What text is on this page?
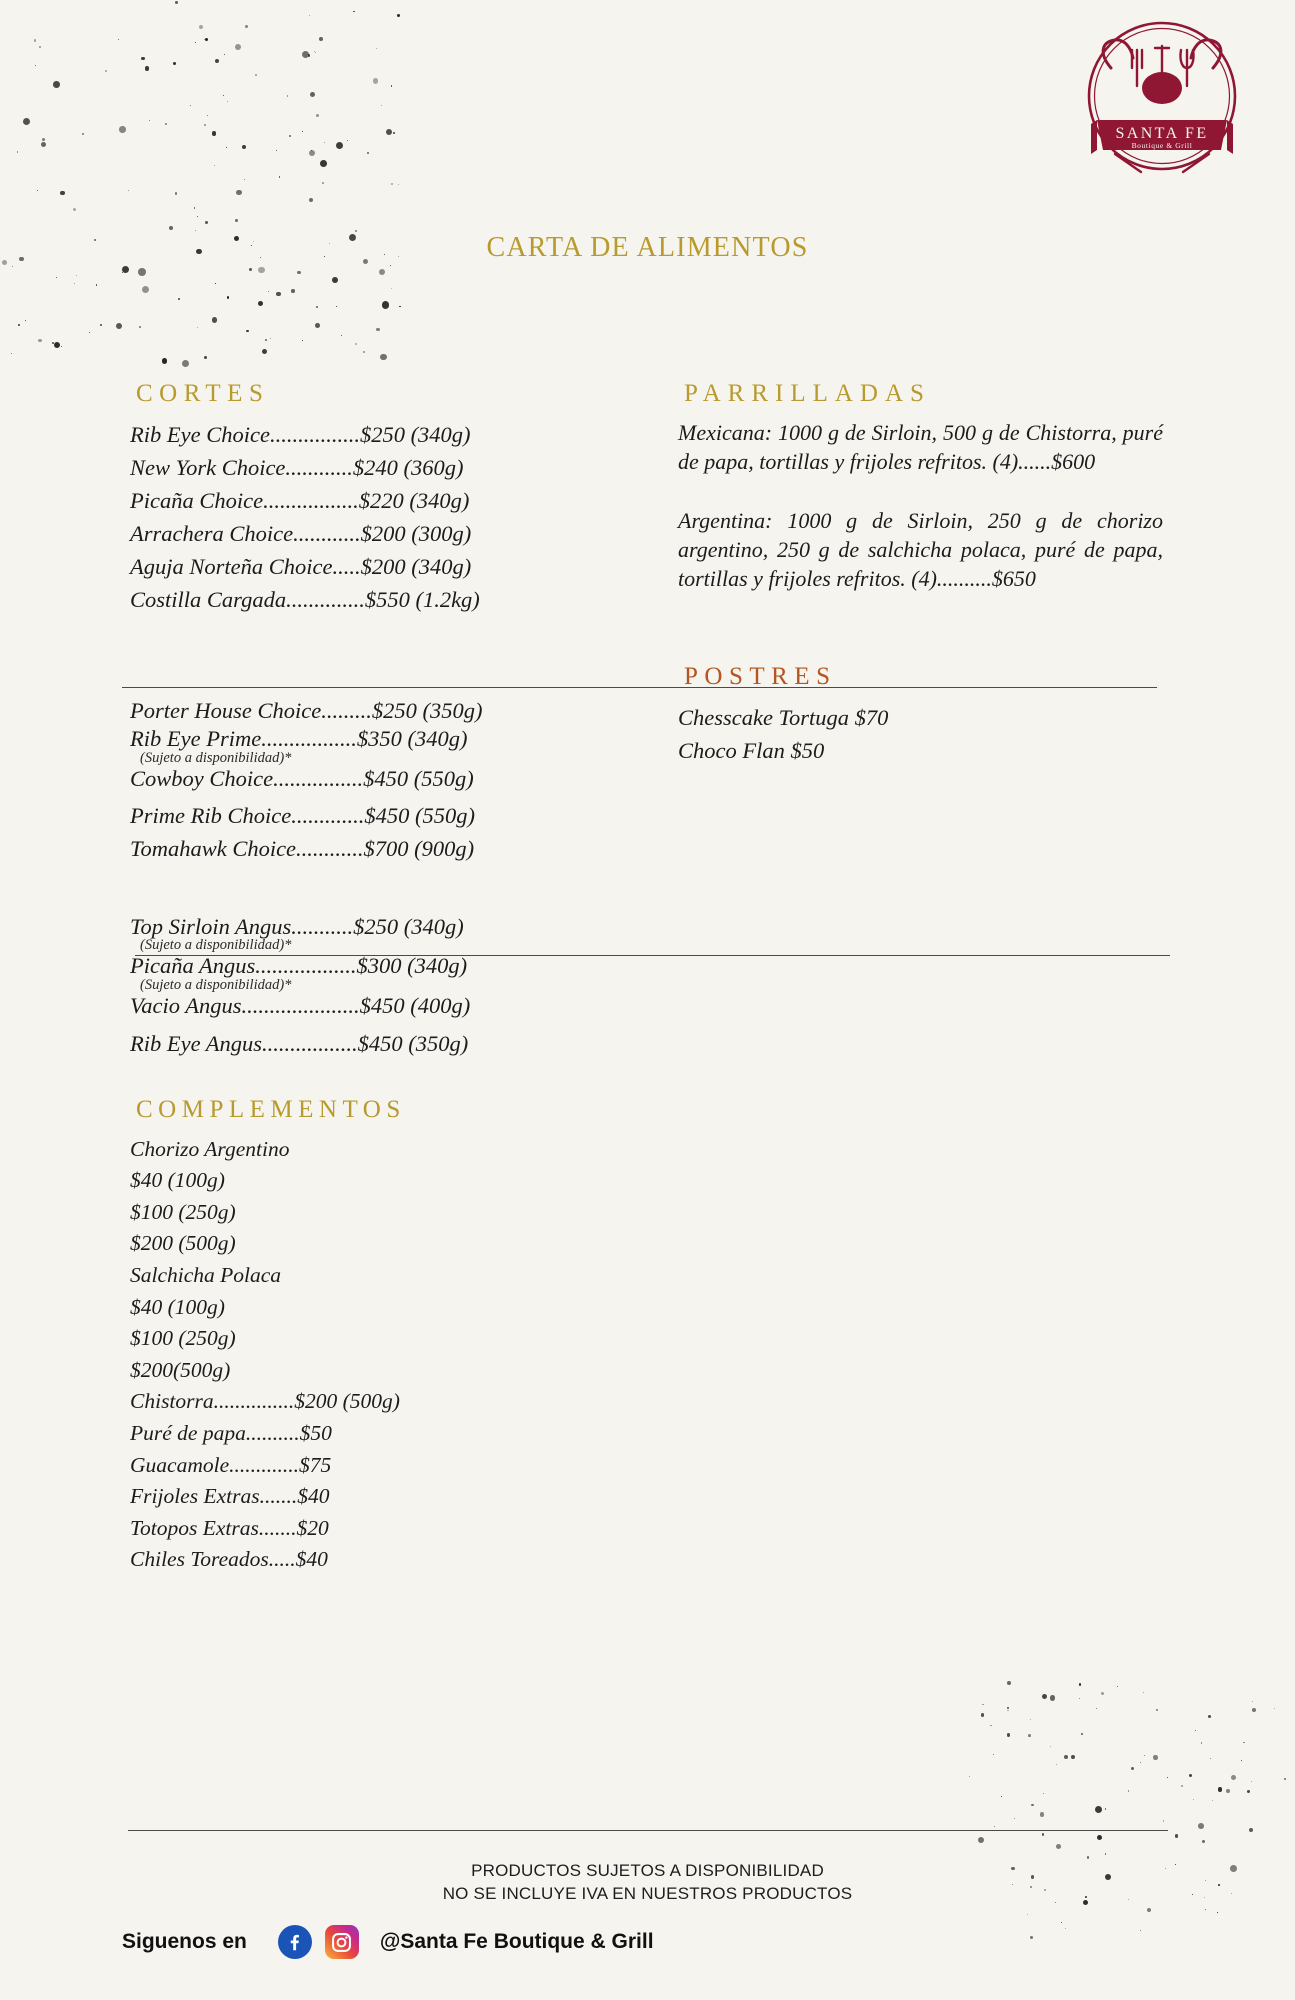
SANTA FE
Boutique & Grill
CARTA DE ALIMENTOS
CORTES
Rib Eye Choice................$250 (340g)
New York Choice............$240 (360g)
Picaña Choice.................$220 (340g)
Arrachera Choice............$200 (300g)
Aguja Norteña Choice.....$200 (340g)
Costilla Cargada..............$550 (1.2kg)
Porter House Choice.........$250 (350g)
Rib Eye Prime.................$350 (340g)
(Sujeto a disponibilidad)*
Cowboy Choice................$450 (550g)
Prime Rib Choice.............$450 (550g)
Tomahawk Choice............$700 (900g)
Top Sirloin Angus...........$250 (340g)
(Sujeto a disponibilidad)*
Picaña Angus..................$300 (340g)
(Sujeto a disponibilidad)*
Vacio Angus.....................$450 (400g)
Rib Eye Angus.................$450 (350g)
COMPLEMENTOS
Chorizo Argentino
$40 (100g)
$100 (250g)
$200 (500g)
Salchicha Polaca
$40 (100g)
$100 (250g)
$200(500g)
Chistorra...............$200 (500g)
Puré de papa..........$50
Guacamole.............$75
Frijoles Extras.......$40
Totopos Extras.......$20
Chiles Toreados.....$40
PARRILLADAS
Mexicana: 1000 g de Sirloin, 500 g de Chistorra, puré de papa, tortillas y frijoles refritos. (4)......$600
Argentina: 1000 g de Sirloin, 250 g de chorizo argentino, 250 g de salchicha polaca, puré de papa, tortillas y frijoles refritos. (4)..........$650
POSTRES
Chesscake Tortuga $70
Choco Flan $50
PRODUCTOS SUJETOS A DISPONIBILIDAD
NO SE INCLUYE IVA EN NUESTROS PRODUCTOS
Siguenos en	@Santa Fe Boutique & Grill
